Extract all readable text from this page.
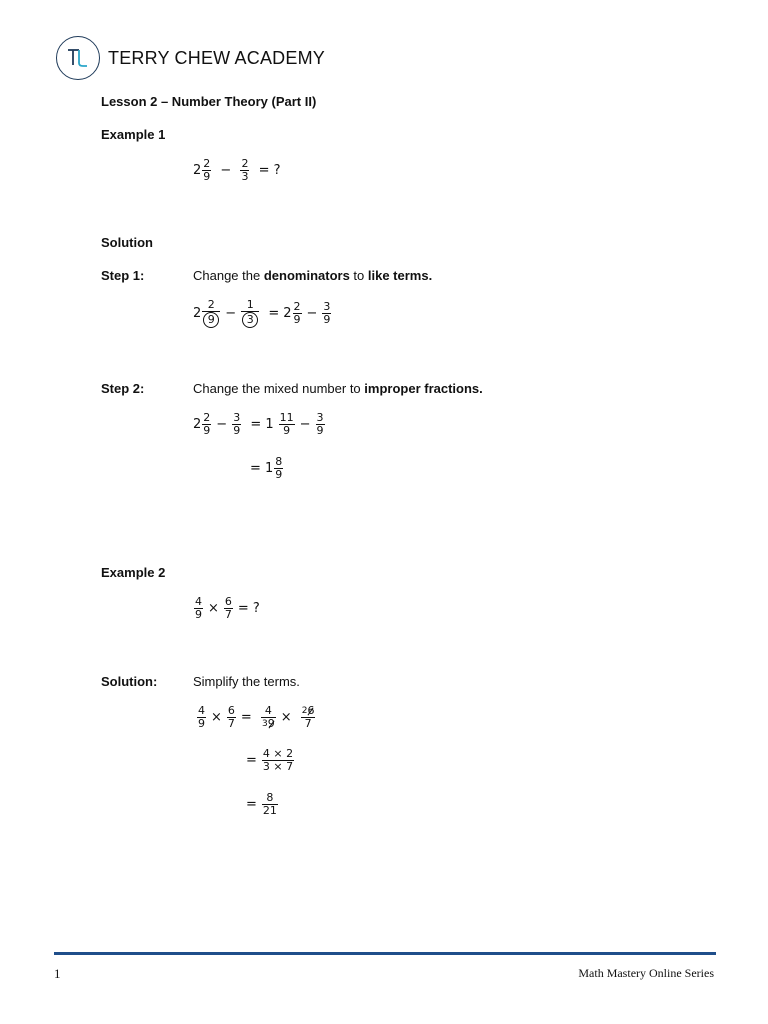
TERRY CHEW ACADEMY
Lesson 2 – Number Theory (Part II)
Example 1
$2 \frac{2}{9} - \frac{2}{3}$ = ?
Solution
Step 1:	Change the denominators to like terms.
$2 \frac{2}{9} - \frac{1}{3} = 2 \frac{2}{9} - \frac{3}{9}$
Step 2:	Change the mixed number to improper fractions.
$2 \frac{2}{9} - \frac{3}{9} = 1 \frac{11}{9} - \frac{3}{9}$
= $1 \frac{8}{9}$
Example 2
$\frac{4}{9} \times \frac{6}{7}$ = ?
Solution:	Simplify the terms.
$\frac{4}{9} \times \frac{6}{7} = \frac{4}{^39} \times \frac{^26}{7}$
= $\frac{4 \times 2}{3 \times 7}$
= $\frac{8}{21}$
1	Math Mastery Online Series
